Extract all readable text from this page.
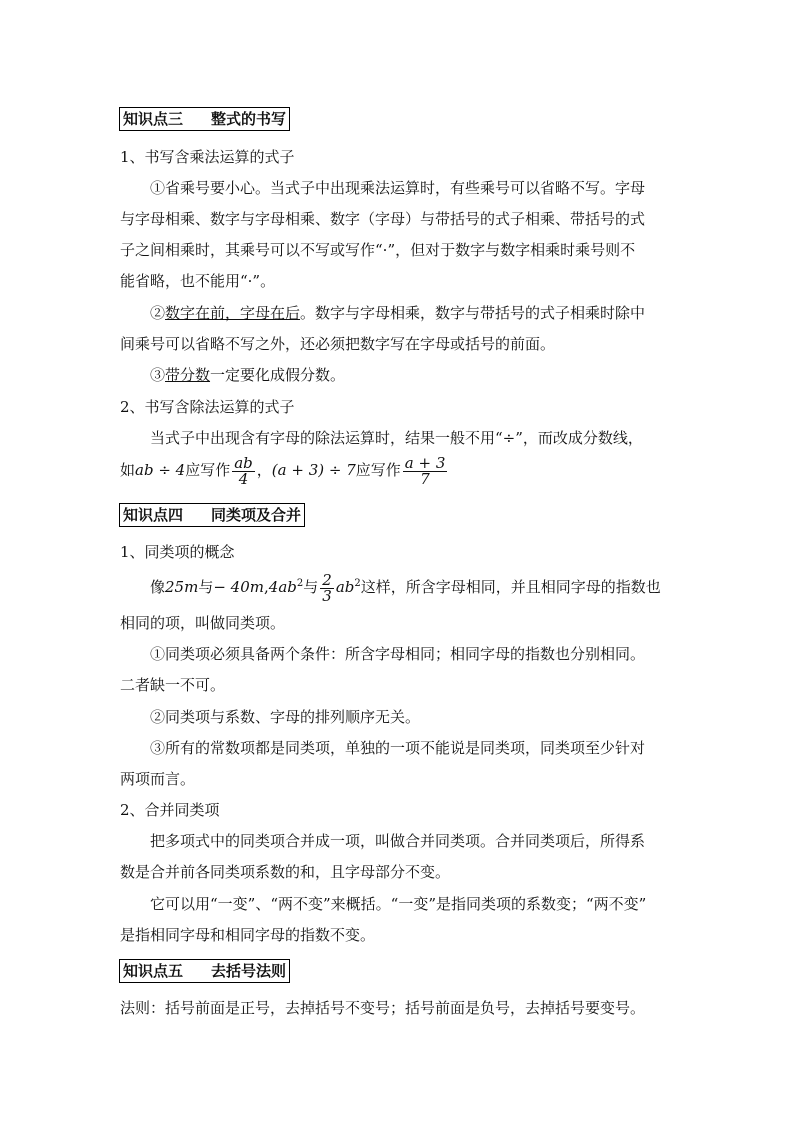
知识点三 整式的书写
1、书写含乘法运算的式子
①省乘号要小心。当式子中出现乘法运算时，有些乘号可以省略不写。字母
与字母相乘、数字与字母相乘、数字（字母）与带括号的式子相乘、带括号的式
子之间相乘时，其乘号可以不写或写作“·”，但对于数字与数字相乘时乘号则不
能省略，也不能用“·”。
②数字在前，字母在后。数字与字母相乘，数字与带括号的式子相乘时除中
间乘号可以省略不写之外，还必须把数字写在字母或括号的前面。
③带分数一定要化成假分数。
2、书写含除法运算的式子
当式子中出现含有字母的除法运算时，结果一般不用“÷”，而改成分数线，
如ab ÷ 4应写作 $\frac{ab}{4}$ ，(a + 3) ÷ 7应写作 $\frac{a + 3}{7}$
知识点四 同类项及合并
1、同类项的概念
像25m与− $40m,4ab^2$与 $\frac{2}{3} ab^2$这样，所含字母相同，并且相同字母的指数也
相同的项，叫做同类项。
①同类项必须具备两个条件：所含字母相同；相同字母的指数也分别相同。
二者缺一不可。
②同类项与系数、字母的排列顺序无关。
③所有的常数项都是同类项，单独的一项不能说是同类项，同类项至少针对
两项而言。
2、合并同类项
把多项式中的同类项合并成一项，叫做合并同类项。合并同类项后，所得系
数是合并前各同类项系数的和，且字母部分不变。
它可以用“一变”、“两不变”来概括。“一变”是指同类项的系数变；“两不变”
是指相同字母和相同字母的指数不变。
知识点五 去括号法则
法则：括号前面是正号，去掉括号不变号；括号前面是负号，去掉括号要变号。
